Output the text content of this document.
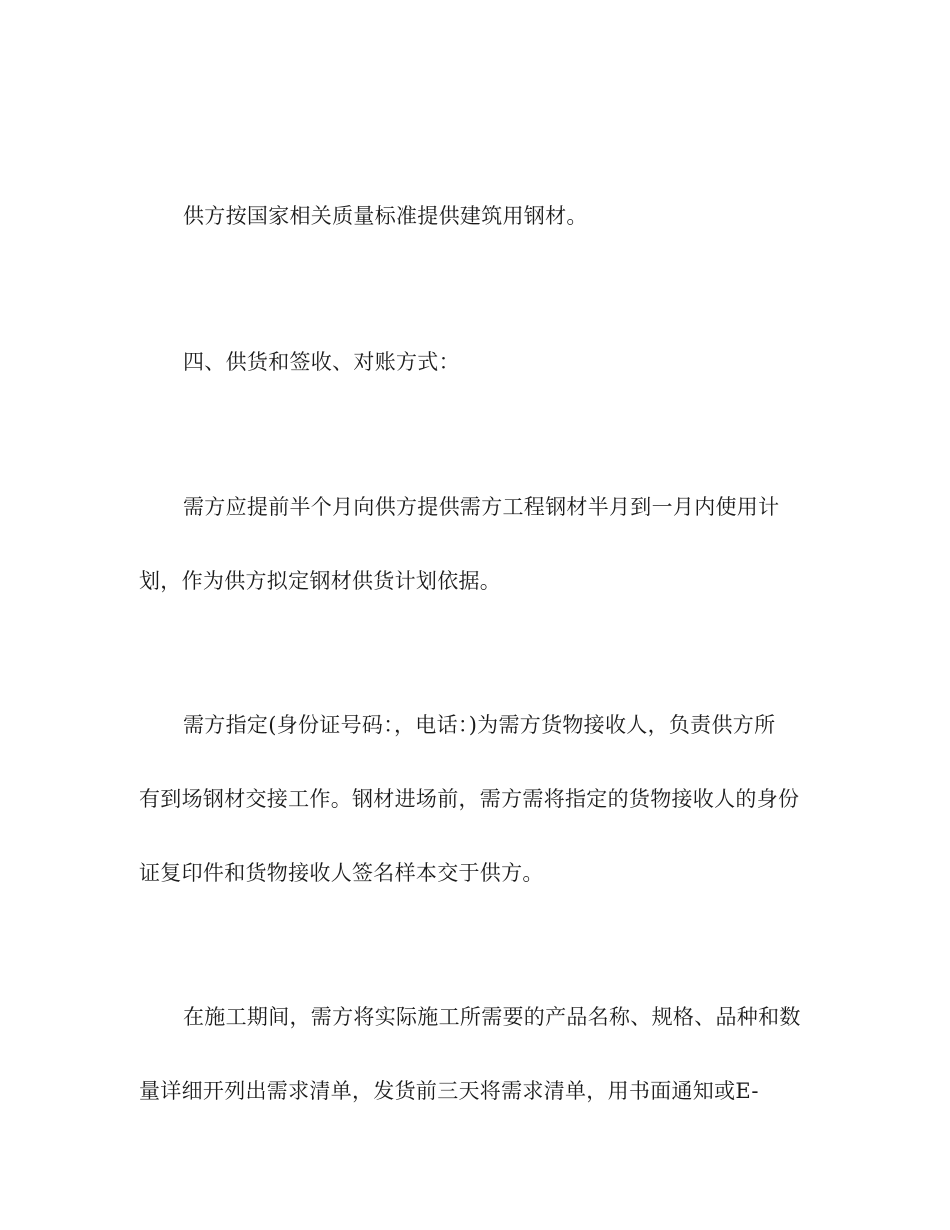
供方按国家相关质量标准提供建筑用钢材。

四、供货和签收、对账方式：

需方应提前半个月向供方提供需方工程钢材半月到一月内使用计
划，作为供方拟定钢材供货计划依据。

需方指定(身份证号码：，电话：)为需方货物接收人，负责供方所
有到场钢材交接工作。钢材进场前，需方需将指定的货物接收人的身份
证复印件和货物接收人签名样本交于供方。

在施工期间，需方将实际施工所需要的产品名称、规格、品种和数
量详细开列出需求清单，发货前三天将需求清单，用书面通知或E-
